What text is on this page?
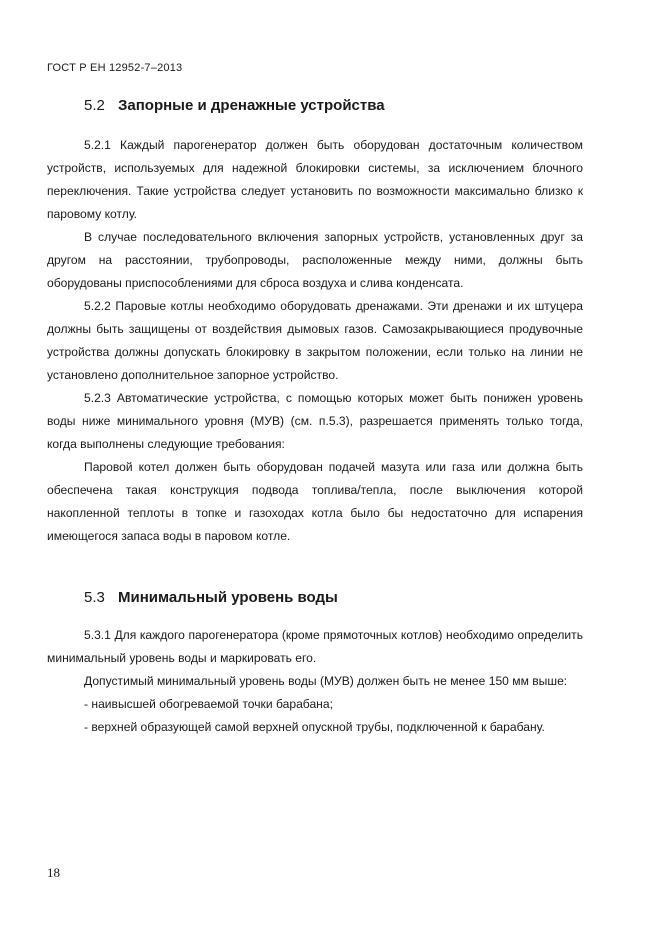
ГОСТ Р ЕН 12952-7–2013
5.2 Запорные и дренажные устройства

5.2.1 Каждый парогенератор должен быть оборудован достаточным количеством устройств, используемых для надежной блокировки системы, за исключением блочного переключения. Такие устройства следует установить по возможности максимально близко к паровому котлу.

В случае последовательного включения запорных устройств, установленных друг за другом на расстоянии, трубопроводы, расположенные между ними, должны быть оборудованы приспособлениями для сброса воздуха и слива конденсата.

5.2.2 Паровые котлы необходимо оборудовать дренажами. Эти дренажи и их штуцера должны быть защищены от воздействия дымовых газов. Самозакрывающиеся продувочные устройства должны допускать блокировку в закрытом положении, если только на линии не установлено дополнительное запорное устройство.

5.2.3 Автоматические устройства, с помощью которых может быть понижен уровень воды ниже минимального уровня (МУВ) (см. п.5.3), разрешается применять только тогда, когда выполнены следующие требования:

Паровой котел должен быть оборудован подачей мазута или газа или должна быть обеспечена такая конструкция подвода топлива/тепла, после выключения которой накопленной теплоты в топке и газоходах котла было бы недостаточно для испарения имеющегося запаса воды в паровом котле.

5.3 Минимальный уровень воды

5.3.1 Для каждого парогенератора (кроме прямоточных котлов) необходимо определить минимальный уровень воды и маркировать его.

Допустимый минимальный уровень воды (МУВ) должен быть не менее 150 мм выше:

- наивысшей обогреваемой точки барабана;

- верхней образующей самой верхней опускной трубы, подключенной к барабану.

18
